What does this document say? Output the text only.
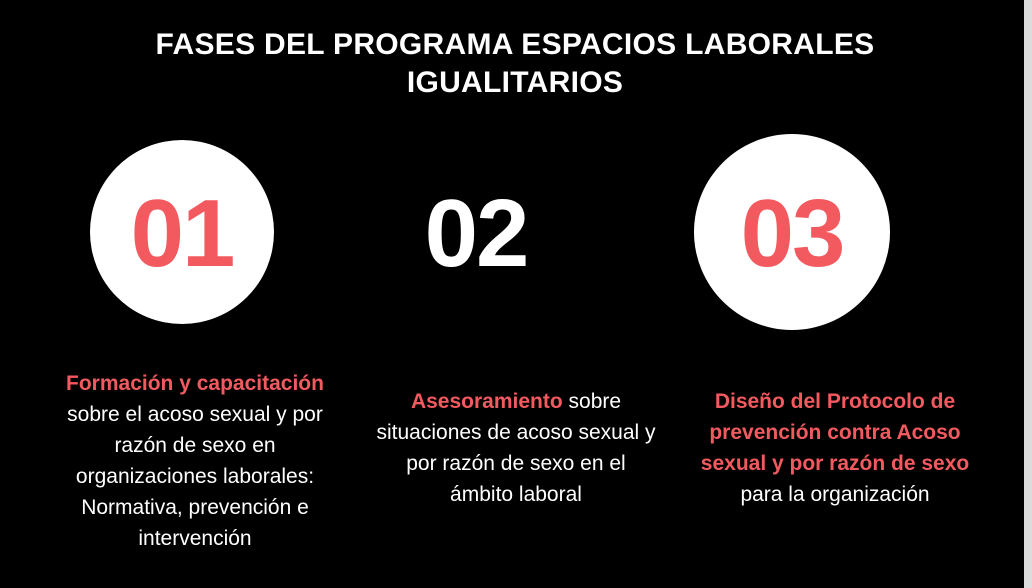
FASES DEL PROGRAMA ESPACIOS LABORALES IGUALITARIOS
01
Formación y capacitación sobre el acoso sexual y por razón de sexo en organizaciones laborales: Normativa, prevención e intervención
02
Asesoramiento sobre situaciones de acoso sexual y por razón de sexo en el ámbito laboral
03
Diseño del Protocolo de prevención contra Acoso sexual y por razón de sexo para la organización
